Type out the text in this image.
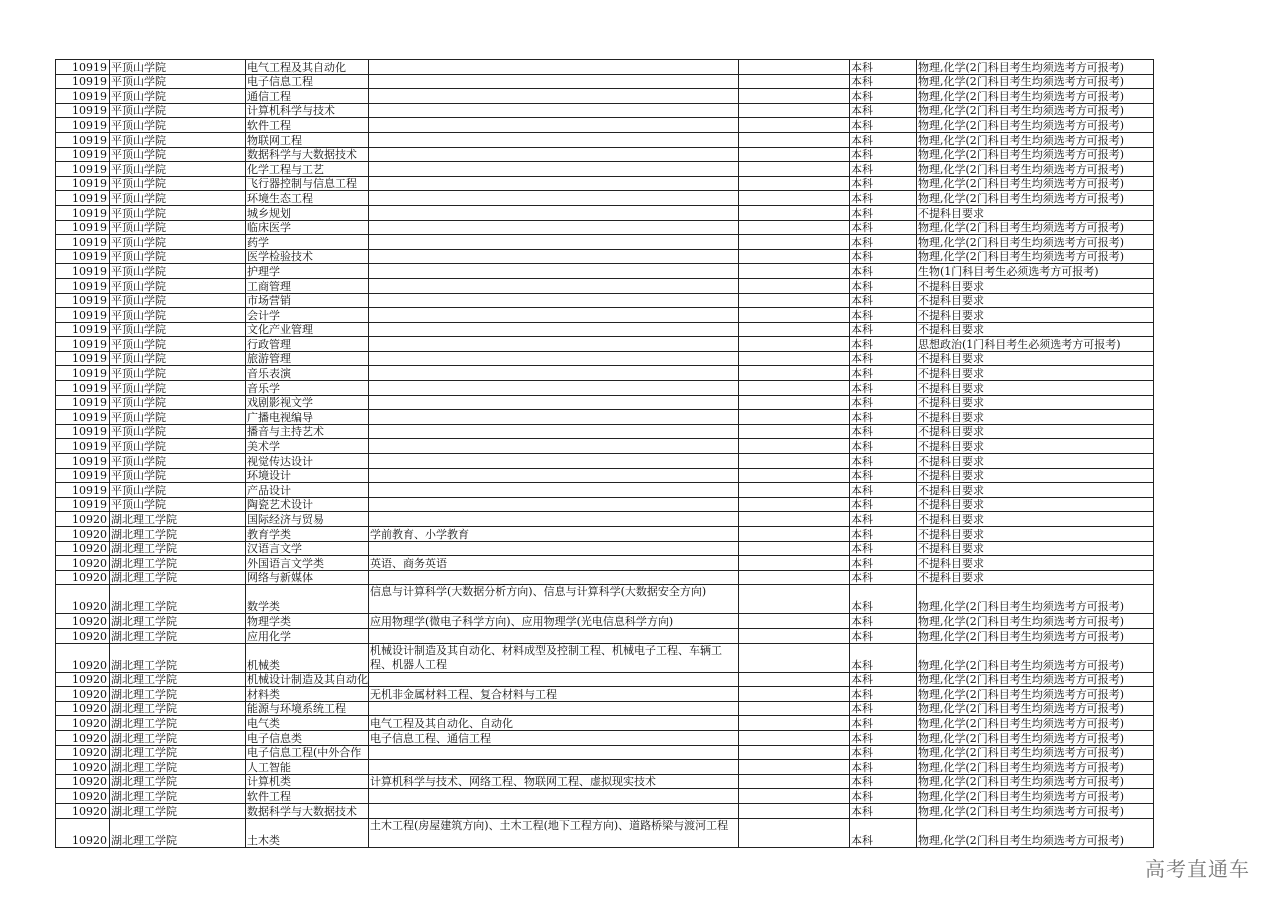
10919	平顶山学院	电气工程及其自动化			本科	物理,化学(2门科目考生均须选考方可报考)
10919	平顶山学院	电子信息工程			本科	物理,化学(2门科目考生均须选考方可报考)
10919	平顶山学院	通信工程			本科	物理,化学(2门科目考生均须选考方可报考)
10919	平顶山学院	计算机科学与技术			本科	物理,化学(2门科目考生均须选考方可报考)
10919	平顶山学院	软件工程			本科	物理,化学(2门科目考生均须选考方可报考)
10919	平顶山学院	物联网工程			本科	物理,化学(2门科目考生均须选考方可报考)
10919	平顶山学院	数据科学与大数据技术			本科	物理,化学(2门科目考生均须选考方可报考)
10919	平顶山学院	化学工程与工艺			本科	物理,化学(2门科目考生均须选考方可报考)
10919	平顶山学院	飞行器控制与信息工程			本科	物理,化学(2门科目考生均须选考方可报考)
10919	平顶山学院	环境生态工程			本科	物理,化学(2门科目考生均须选考方可报考)
10919	平顶山学院	城乡规划			本科	不提科目要求
10919	平顶山学院	临床医学			本科	物理,化学(2门科目考生均须选考方可报考)
10919	平顶山学院	药学			本科	物理,化学(2门科目考生均须选考方可报考)
10919	平顶山学院	医学检验技术			本科	物理,化学(2门科目考生均须选考方可报考)
10919	平顶山学院	护理学			本科	生物(1门科目考生必须选考方可报考)
10919	平顶山学院	工商管理			本科	不提科目要求
10919	平顶山学院	市场营销			本科	不提科目要求
10919	平顶山学院	会计学			本科	不提科目要求
10919	平顶山学院	文化产业管理			本科	不提科目要求
10919	平顶山学院	行政管理			本科	思想政治(1门科目考生必须选考方可报考)
10919	平顶山学院	旅游管理			本科	不提科目要求
10919	平顶山学院	音乐表演			本科	不提科目要求
10919	平顶山学院	音乐学			本科	不提科目要求
10919	平顶山学院	戏剧影视文学			本科	不提科目要求
10919	平顶山学院	广播电视编导			本科	不提科目要求
10919	平顶山学院	播音与主持艺术			本科	不提科目要求
10919	平顶山学院	美术学			本科	不提科目要求
10919	平顶山学院	视觉传达设计			本科	不提科目要求
10919	平顶山学院	环境设计			本科	不提科目要求
10919	平顶山学院	产品设计			本科	不提科目要求
10919	平顶山学院	陶瓷艺术设计			本科	不提科目要求
10920	湖北理工学院	国际经济与贸易			本科	不提科目要求
10920	湖北理工学院	教育学类	学前教育、小学教育		本科	不提科目要求
10920	湖北理工学院	汉语言文学			本科	不提科目要求
10920	湖北理工学院	外国语言文学类	英语、商务英语		本科	不提科目要求
10920	湖北理工学院	网络与新媒体			本科	不提科目要求
10920	湖北理工学院	数学类	信息与计算科学(大数据分析方向)、信息与计算科学(大数据安全方向)		本科	物理,化学(2门科目考生均须选考方可报考)
10920	湖北理工学院	物理学类	应用物理学(微电子科学方向)、应用物理学(光电信息科学方向)		本科	物理,化学(2门科目考生均须选考方可报考)
10920	湖北理工学院	应用化学			本科	物理,化学(2门科目考生均须选考方可报考)
10920	湖北理工学院	机械类	机械设计制造及其自动化、材料成型及控制工程、机械电子工程、车辆工程、机器人工程		本科	物理,化学(2门科目考生均须选考方可报考)
10920	湖北理工学院	机械设计制造及其自动化			本科	物理,化学(2门科目考生均须选考方可报考)
10920	湖北理工学院	材料类	无机非金属材料工程、复合材料与工程		本科	物理,化学(2门科目考生均须选考方可报考)
10920	湖北理工学院	能源与环境系统工程			本科	物理,化学(2门科目考生均须选考方可报考)
10920	湖北理工学院	电气类	电气工程及其自动化、自动化		本科	物理,化学(2门科目考生均须选考方可报考)
10920	湖北理工学院	电子信息类	电子信息工程、通信工程		本科	物理,化学(2门科目考生均须选考方可报考)
10920	湖北理工学院	电子信息工程(中外合作			本科	物理,化学(2门科目考生均须选考方可报考)
10920	湖北理工学院	人工智能			本科	物理,化学(2门科目考生均须选考方可报考)
10920	湖北理工学院	计算机类	计算机科学与技术、网络工程、物联网工程、虚拟现实技术		本科	物理,化学(2门科目考生均须选考方可报考)
10920	湖北理工学院	软件工程			本科	物理,化学(2门科目考生均须选考方可报考)
10920	湖北理工学院	数据科学与大数据技术			本科	物理,化学(2门科目考生均须选考方可报考)
10920	湖北理工学院	土木类	土木工程(房屋建筑方向)、土木工程(地下工程方向)、道路桥梁与渡河工程		本科	物理,化学(2门科目考生均须选考方可报考)
高考直通车
